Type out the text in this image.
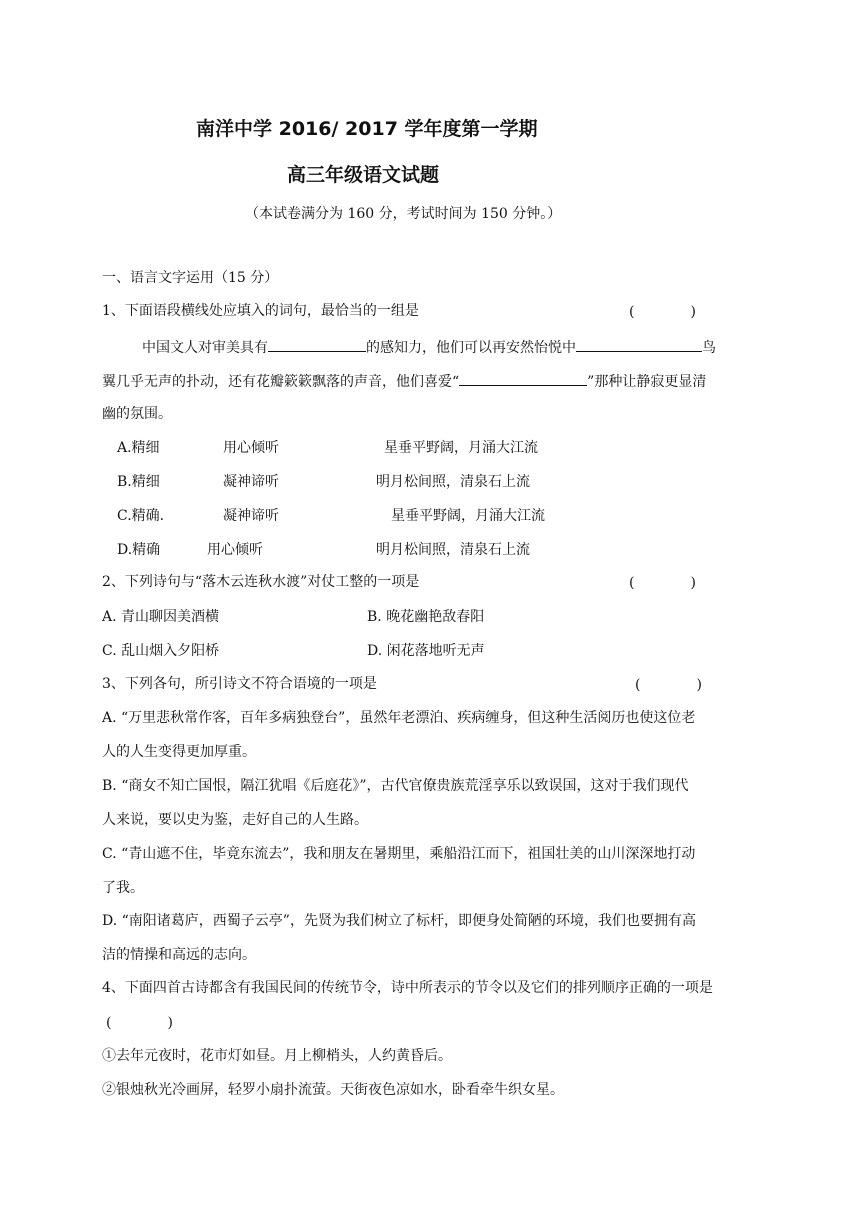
南洋中学 2016/ 2017 学年度第一学期
高三年级语文试题
（本试卷满分为 160 分，考试时间为 150 分钟。）
一、语言文字运用（15 分）
1、下面语段横线处应填入的词句，最恰当的一组是	(　　　　)
中国文人对审美具有	的感知力，他们可以再安然怡悦中	鸟
翼几乎无声的扑动，还有花瓣簌簌飘落的声音，他们喜爱“	”那种让静寂更显清
幽的氛围。
A.精细	用心倾听	星垂平野阔，月涌大江流
B.精细	凝神谛听	明月松间照，清泉石上流
C.精确.	凝神谛听	星垂平野阔，月涌大江流
D.精确	用心倾听	明月松间照，清泉石上流
2、下列诗句与“落木云连秋水渡”对仗工整的一项是	(　　　　)
A. 青山聊因美酒横	B. 晚花幽艳敌春阳
C. 乱山烟入夕阳桥	D. 闲花落地听无声
3、下列各句，所引诗文不符合语境的一项是	(　　　　)
A. “万里悲秋常作客，百年多病独登台”，虽然年老漂泊、疾病缠身，但这种生活阅历也使这位老
人的人生变得更加厚重。
B. “商女不知亡国恨，隔江犹唱《后庭花》”，古代官僚贵族荒淫享乐以致误国，这对于我们现代
人来说，要以史为鉴，走好自己的人生路。
C. “青山遮不住，毕竟东流去”，我和朋友在暑期里，乘船沿江而下，祖国壮美的山川深深地打动
了我。
D. “南阳诸葛庐，西蜀子云亭”，先贤为我们树立了标杆，即便身处简陋的环境，我们也要拥有高
洁的情操和高远的志向。
4、下面四首古诗都含有我国民间的传统节令，诗中所表示的节令以及它们的排列顺序正确的一项是
(　　　　)
①去年元夜时，花市灯如昼。月上柳梢头，人约黄昏后。
②银烛秋光冷画屏，轻罗小扇扑流萤。天街夜色凉如水，卧看牵牛织女星。
